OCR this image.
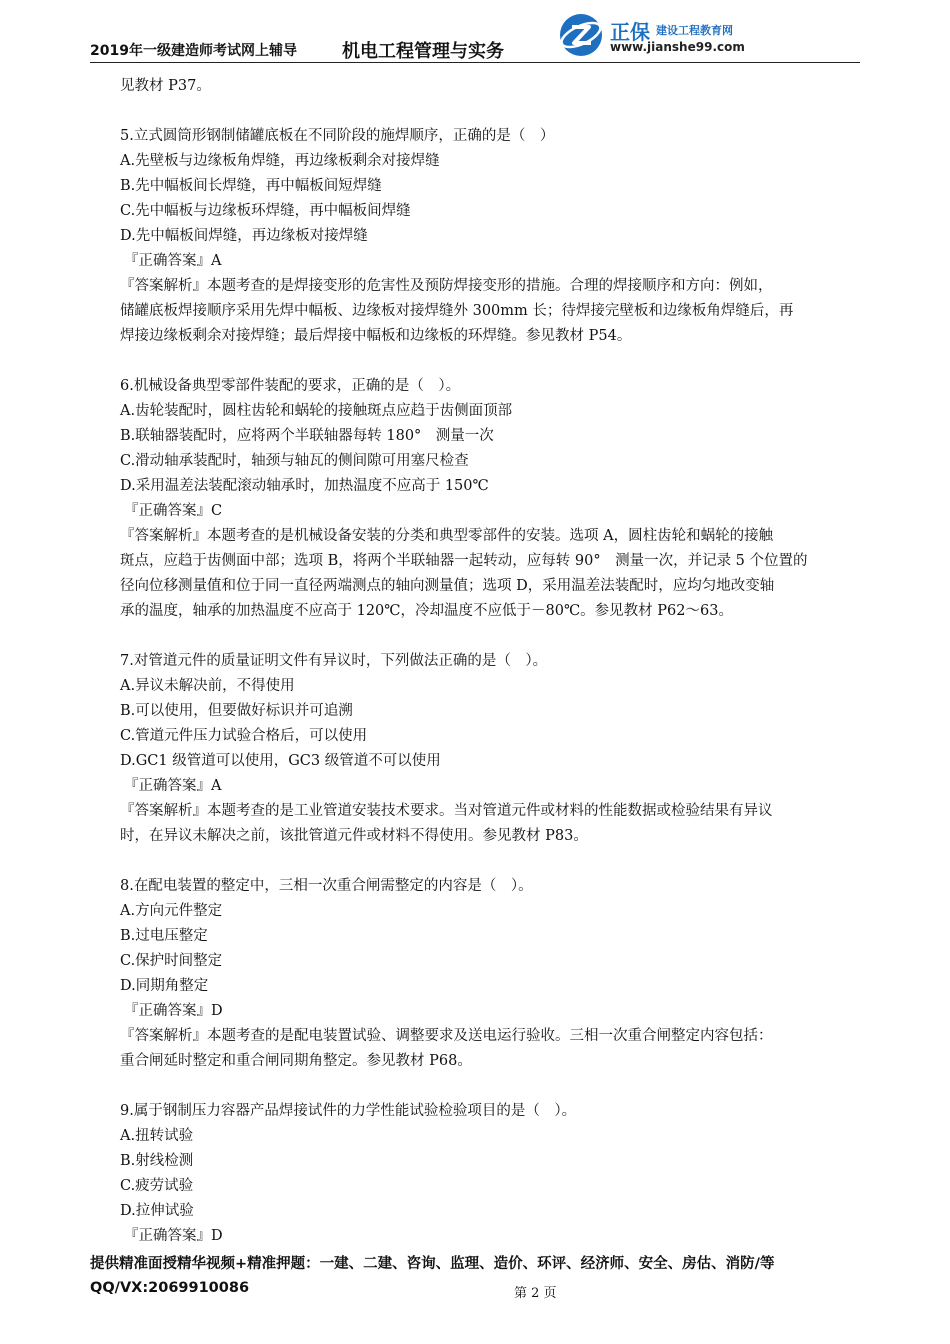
2019年一级建造师考试网上辅导	机电工程管理与实务
正保 建设工程教育网
www.jianshe99.com

见教材 P37。

5.立式圆筒形钢制储罐底板在不同阶段的施焊顺序，正确的是（　）

A.先壁板与边缘板角焊缝，再边缘板剩余对接焊缝

B.先中幅板间长焊缝，再中幅板间短焊缝

C.先中幅板与边缘板环焊缝，再中幅板间焊缝

D.先中幅板间焊缝，再边缘板对接焊缝

『正确答案』A

『答案解析』本题考查的是焊接变形的危害性及预防焊接变形的措施。合理的焊接顺序和方向：例如，

储罐底板焊接顺序采用先焊中幅板、边缘板对接焊缝外 300mm 长；待焊接完壁板和边缘板角焊缝后，再

焊接边缘板剩余对接焊缝；最后焊接中幅板和边缘板的环焊缝。参见教材 P54。

6.机械设备典型零部件装配的要求，正确的是（　）。

A.齿轮装配时，圆柱齿轮和蜗轮的接触斑点应趋于齿侧面顶部

B.联轴器装配时，应将两个半联轴器每转 180°　测量一次

C.滑动轴承装配时，轴颈与轴瓦的侧间隙可用塞尺检查

D.采用温差法装配滚动轴承时，加热温度不应高于 150℃

『正确答案』C

『答案解析』本题考查的是机械设备安装的分类和典型零部件的安装。选项 A，圆柱齿轮和蜗轮的接触

斑点，应趋于齿侧面中部；选项 B，将两个半联轴器一起转动，应每转 90°　测量一次，并记录 5 个位置的

径向位移测量值和位于同一直径两端测点的轴向测量值；选项 D，采用温差法装配时，应均匀地改变轴

承的温度，轴承的加热温度不应高于 120℃，冷却温度不应低于－80℃。参见教材 P62～63。

7.对管道元件的质量证明文件有异议时，下列做法正确的是（　）。

A.异议未解决前，不得使用

B.可以使用，但要做好标识并可追溯

C.管道元件压力试验合格后，可以使用

D.GC1 级管道可以使用，GC3 级管道不可以使用

『正确答案』A

『答案解析』本题考查的是工业管道安装技术要求。当对管道元件或材料的性能数据或检验结果有异议

时，在异议未解决之前，该批管道元件或材料不得使用。参见教材 P83。

8.在配电装置的整定中，三相一次重合闸需整定的内容是（　）。

A.方向元件整定

B.过电压整定

C.保护时间整定

D.同期角整定

『正确答案』D

『答案解析』本题考查的是配电装置试验、调整要求及送电运行验收。三相一次重合闸整定内容包括：

重合闸延时整定和重合闸同期角整定。参见教材 P68。

9.属于钢制压力容器产品焊接试件的力学性能试验检验项目的是（　）。

A.扭转试验

B.射线检测

C.疲劳试验

D.拉伸试验

『正确答案』D

提供精准面授精华视频+精准押题：一建、二建、咨询、监理、造价、环评、经济师、安全、房估、消防/等
QQ/VX:2069910086	第 2 页
